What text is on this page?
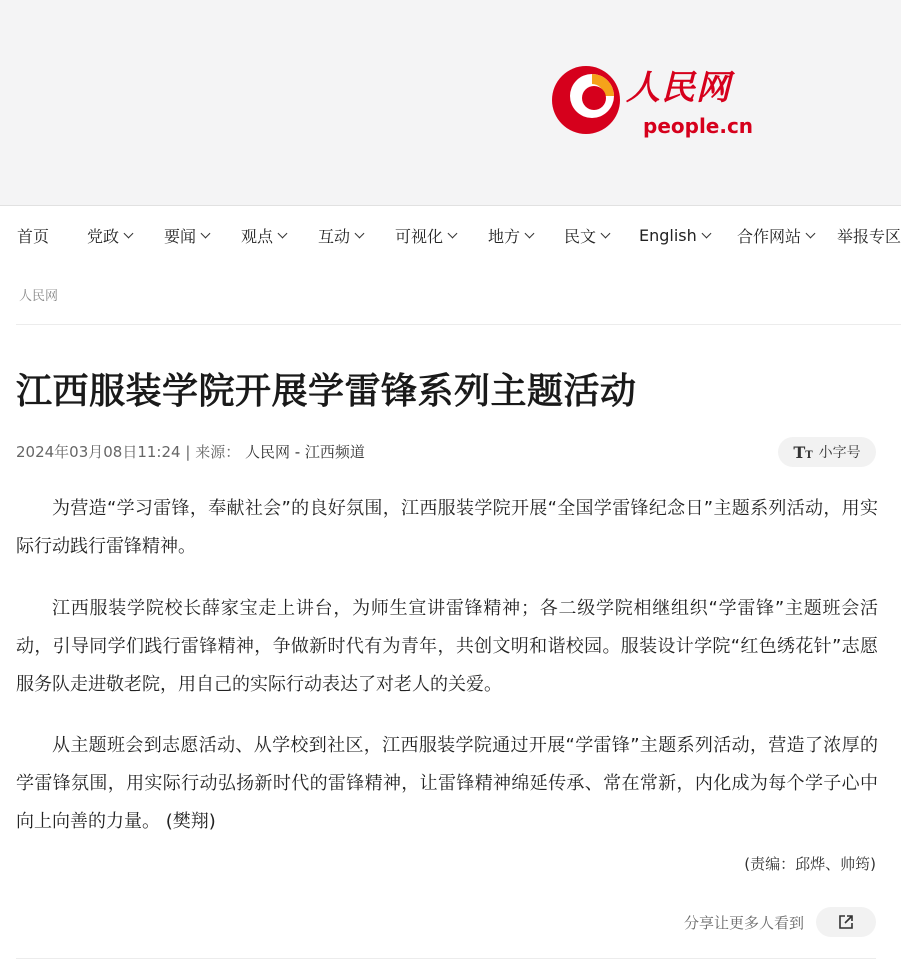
人民网
people.cn
首页 党政	要闻	观点	互动	可视化	地方	民文	English	合作网站 举报专区
人民网
江西服装学院开展学雷锋系列主题活动
2024年03月08日11:24 | 来源： 人民网 - 江西频道	TT 小字号

为营造“学习雷锋，奉献社会”的良好氛围，江西服装学院开展“全国学雷锋纪念日”主题系列活动，用实际行动践行雷锋精神。

江西服装学院校长薛家宝走上讲台，为师生宣讲雷锋精神；各二级学院相继组织“学雷锋”主题班会活动，引导同学们践行雷锋精神，争做新时代有为青年，共创文明和谐校园。服装设计学院“红色绣花针”志愿服务队走进敬老院，用自己的实际行动表达了对老人的关爱。

从主题班会到志愿活动、从学校到社区，江西服装学院通过开展“学雷锋”主题系列活动，营造了浓厚的学雷锋氛围，用实际行动弘扬新时代的雷锋精神，让雷锋精神绵延传承、常在常新，内化成为每个学子心中向上向善的力量。 (樊翔)

(责编：邱烨、帅筠)
分享让更多人看到
